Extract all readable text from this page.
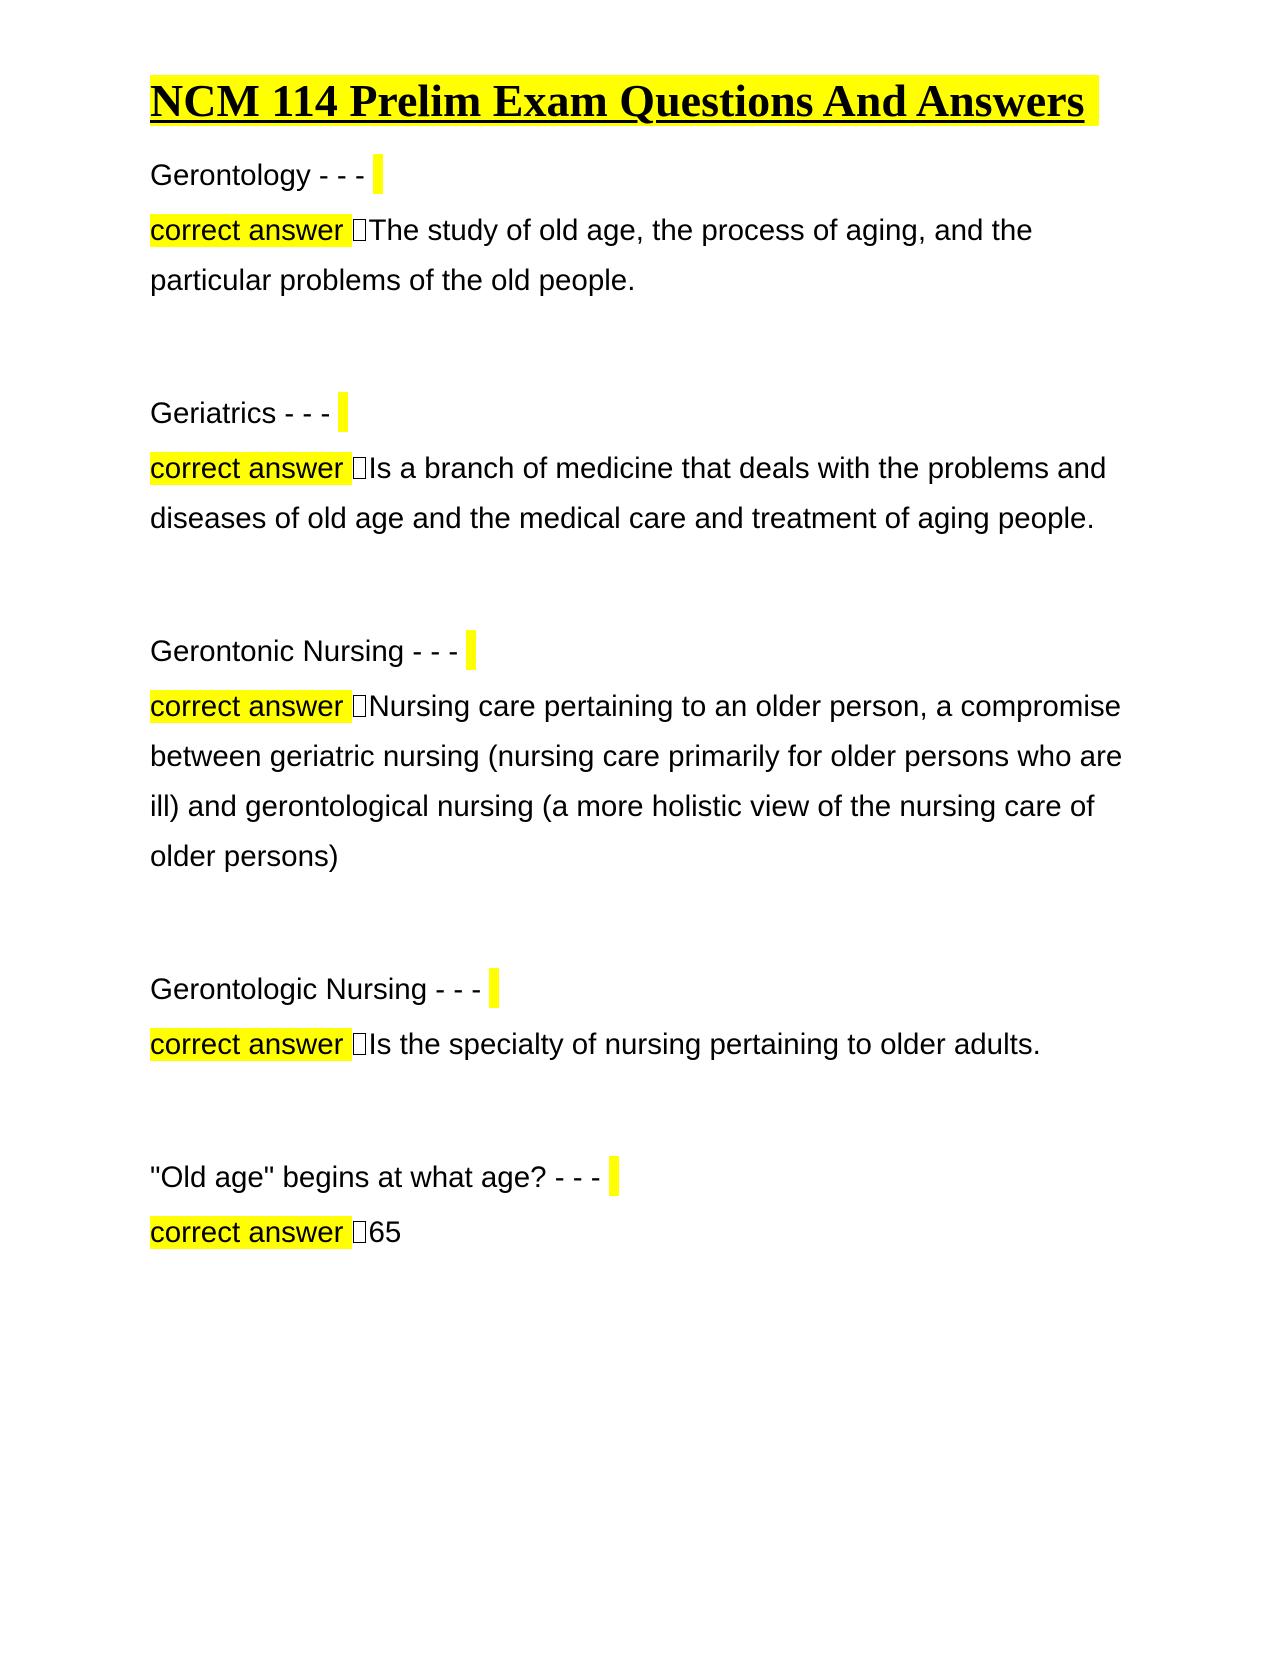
NCM 114 Prelim Exam Questions And Answers
Gerontology - - -
correct answer The study of old age, the process of aging, and the particular problems of the old people.
Geriatrics - - -
correct answer Is a branch of medicine that deals with the problems and diseases of old age and the medical care and treatment of aging people.
Gerontonic Nursing - - -
correct answer Nursing care pertaining to an older person, a compromise between geriatric nursing (nursing care primarily for older persons who are ill) and gerontological nursing (a more holistic view of the nursing care of older persons)
Gerontologic Nursing - - -
correct answer Is the specialty of nursing pertaining to older adults.
"Old age" begins at what age? - - -
correct answer 65
